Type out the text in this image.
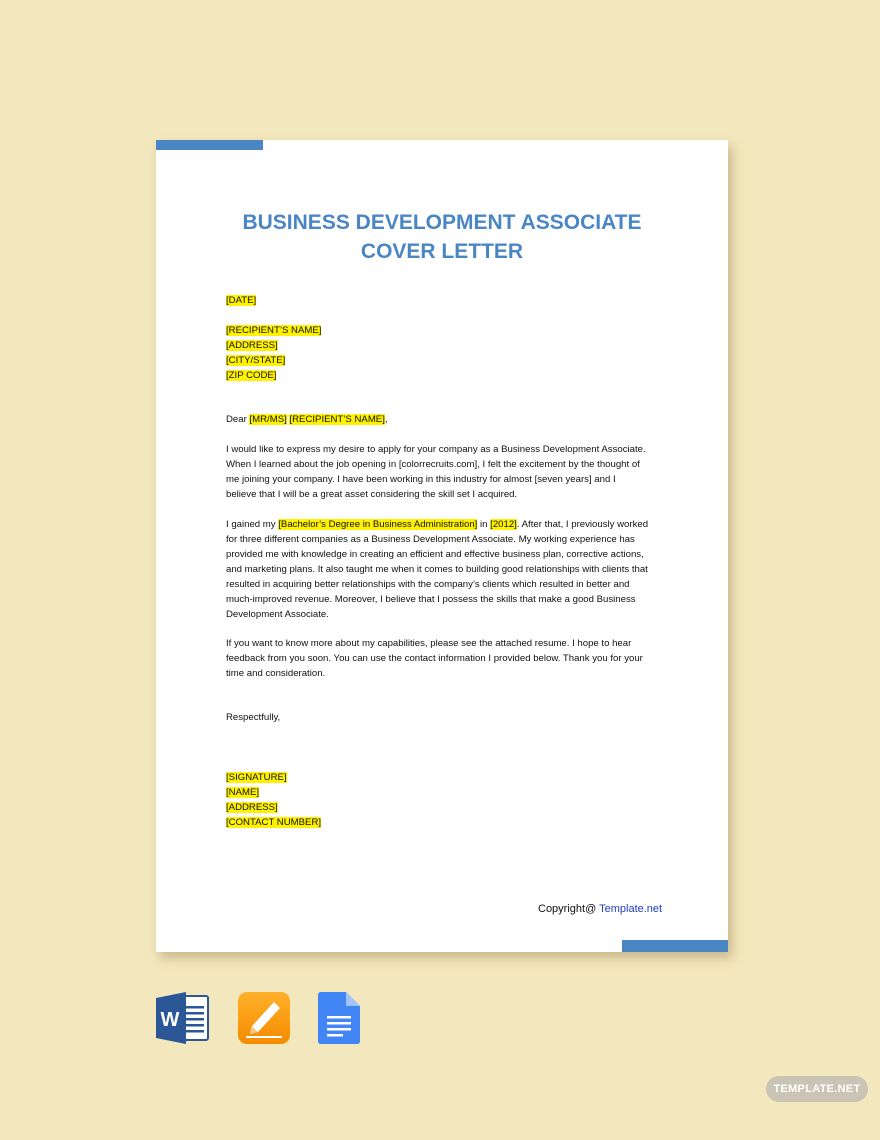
BUSINESS DEVELOPMENT ASSOCIATE
COVER LETTER
[DATE]
[RECIPIENT’S NAME]
[ADDRESS]
[CITY/STATE]
[ZIP CODE]
Dear [MR/MS] [RECIPIENT’S NAME],
I would like to express my desire to apply for your company as a Business Development Associate.
When I learned about the job opening in [colorrecruits.com], I felt the excitement by the thought of
me joining your company. I have been working in this industry for almost [seven years] and I
believe that I will be a great asset considering the skill set I acquired.
I gained my [Bachelor’s Degree in Business Administration] in [2012]. After that, I previously worked
for three different companies as a Business Development Associate. My working experience has
provided me with knowledge in creating an efficient and effective business plan, corrective actions,
and marketing plans. It also taught me when it comes to building good relationships with clients that
resulted in acquiring better relationships with the company’s clients which resulted in better and
much-improved revenue. Moreover, I believe that I possess the skills that make a good Business
Development Associate.
If you want to know more about my capabilities, please see the attached resume. I hope to hear
feedback from you soon. You can use the contact information I provided below. Thank you for your
time and consideration.
Respectfully,
[SIGNATURE]
[NAME]
[ADDRESS]
[CONTACT NUMBER]
Copyright@ Template.net
W
TEMPLATE.NET
